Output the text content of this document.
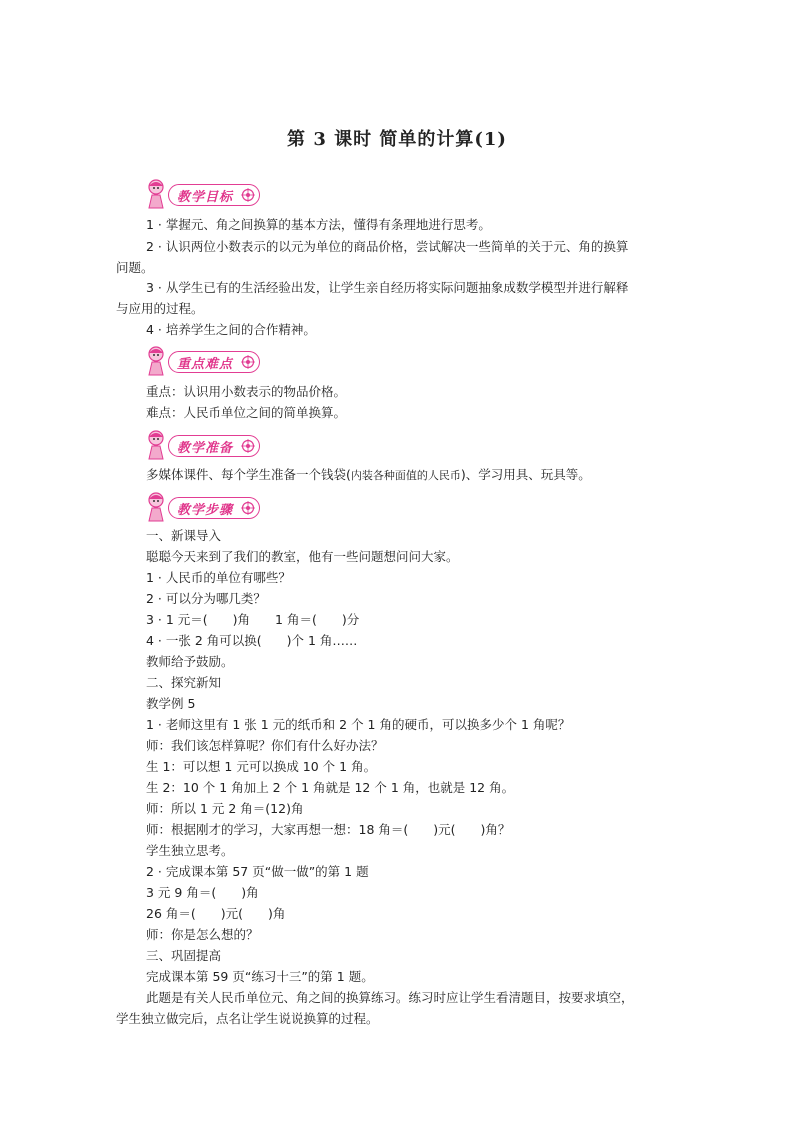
第 3 课时 简单的计算(1)
教学目标

1 · 掌握元、角之间换算的基本方法，懂得有条理地进行思考。

2 · 认识两位小数表示的以元为单位的商品价格，尝试解决一些简单的关于元、角的换算

问题。

3 · 从学生已有的生活经验出发，让学生亲自经历将实际问题抽象成数学模型并进行解释

与应用的过程。

4 · 培养学生之间的合作精神。

重点难点

重点：认识用小数表示的物品价格。

难点：人民币单位之间的简单换算。

教学准备

多媒体课件、每个学生准备一个钱袋(内装各种面值的人民币)、学习用具、玩具等。

教学步骤

一、新课导入

聪聪今天来到了我们的教室，他有一些问题想问问大家。

1 · 人民币的单位有哪些？

2 · 可以分为哪几类？

3 · 1 元＝(　　)角　　1 角＝(　　)分

4 · 一张 2 角可以换(　　)个 1 角……

教师给予鼓励。

二、探究新知

教学例 5

1 · 老师这里有 1 张 1 元的纸币和 2 个 1 角的硬币，可以换多少个 1 角呢？

师：我们该怎样算呢？你们有什么好办法？

生 1：可以想 1 元可以换成 10 个 1 角。

生 2：10 个 1 角加上 2 个 1 角就是 12 个 1 角，也就是 12 角。

师：所以 1 元 2 角＝(12)角

师：根据刚才的学习，大家再想一想：18 角＝(　　)元(　　)角？

学生独立思考。

2 · 完成课本第 57 页“做一做”的第 1 题

3 元 9 角＝(　　)角

26 角＝(　　)元(　　)角

师：你是怎么想的？

三、巩固提高

完成课本第 59 页“练习十三”的第 1 题。

此题是有关人民币单位元、角之间的换算练习。练习时应让学生看清题目，按要求填空，

学生独立做完后，点名让学生说说换算的过程。
